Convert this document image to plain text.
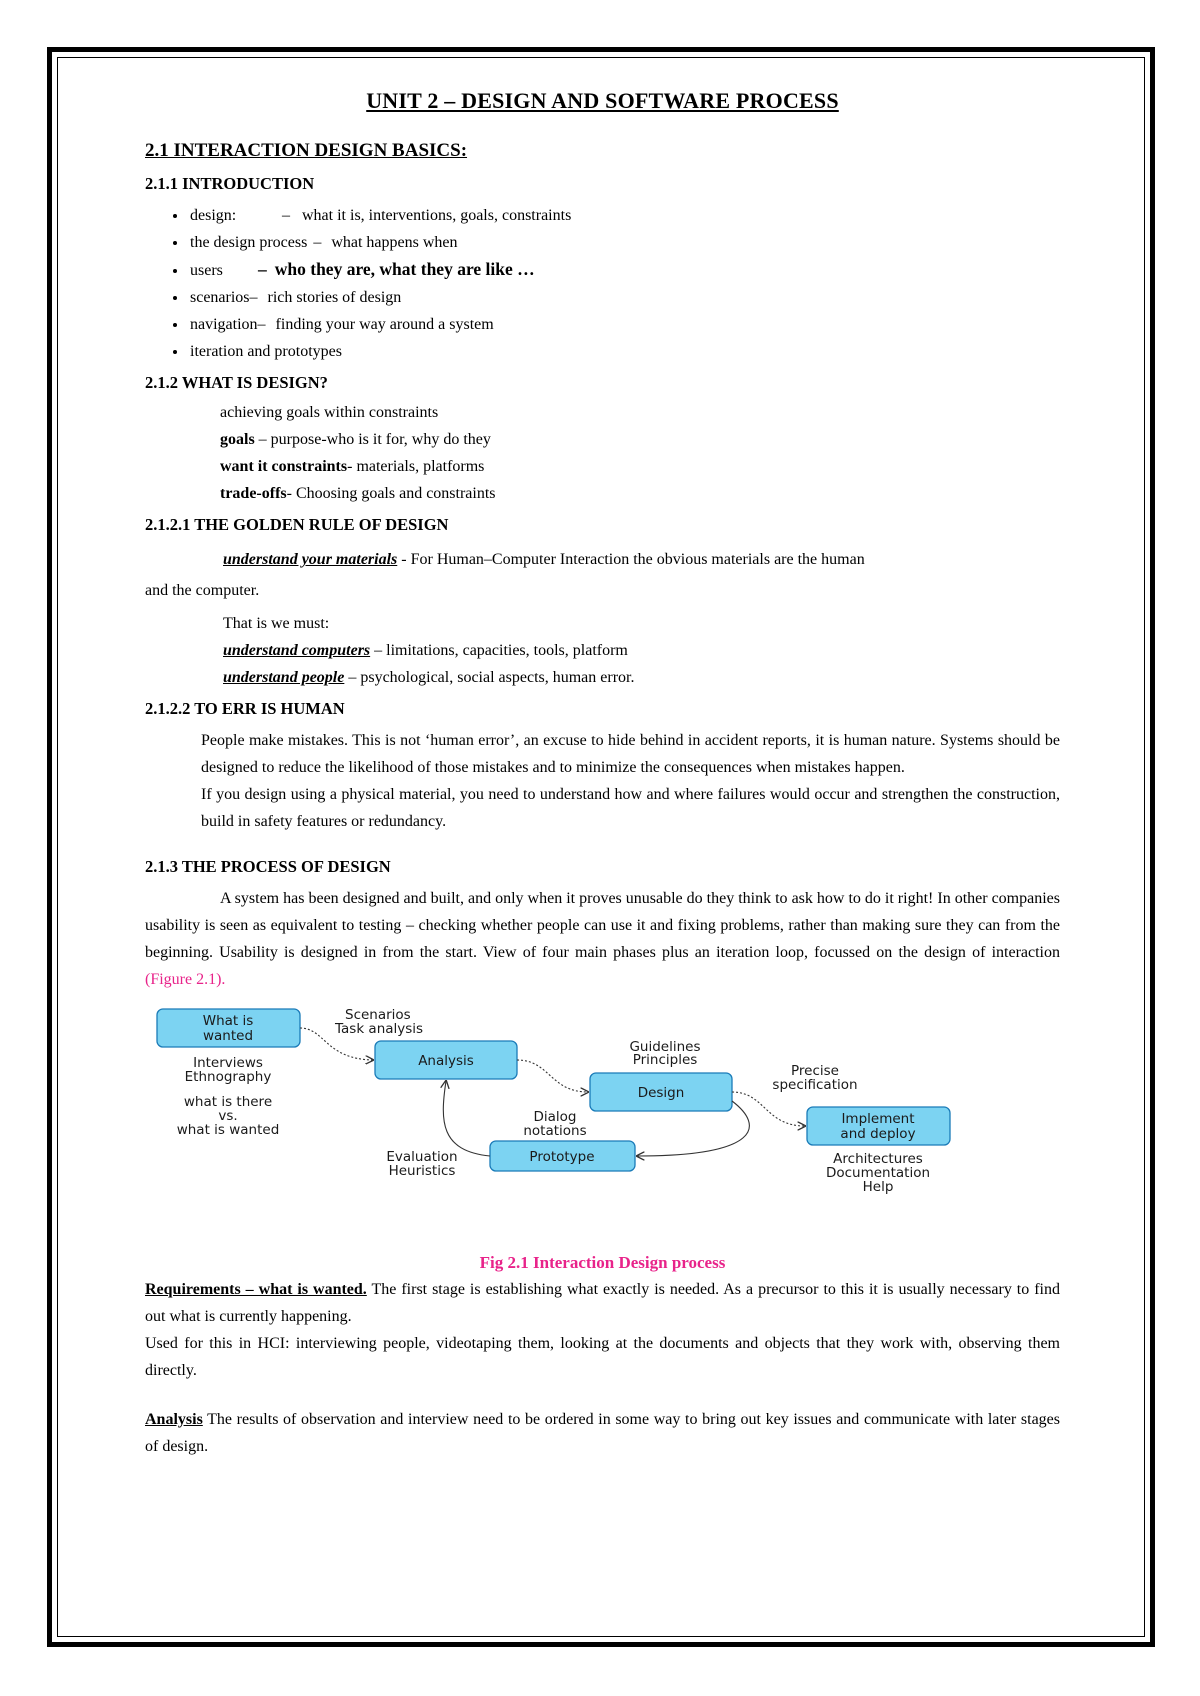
UNIT 2 – DESIGN AND SOFTWARE PROCESS
2.1 INTERACTION DESIGN BASICS:
2.1.1 INTRODUCTION
• design:	– what it is, interventions, goals, constraints
• the design process – what happens when
• users – who they are, what they are like …
• scenarios– rich stories of design
• navigation– finding your way around a system
• iteration and prototypes
2.1.2 WHAT IS DESIGN?

achieving goals within constraints

goals – purpose-who is it for, why do they

want it constraints- materials, platforms

trade-offs- Choosing goals and constraints

2.1.2.1 THE GOLDEN RULE OF DESIGN

understand your materials - For Human–Computer Interaction the obvious materials are the human

and the computer.

That is we must:

understand computers – limitations, capacities, tools, platform

understand people – psychological, social aspects, human error.

2.1.2.2 TO ERR IS HUMAN

People make mistakes. This is not ‘human error’, an excuse to hide behind in accident reports, it is human nature. Systems should be designed to reduce the likelihood of those mistakes and to minimize the consequences when mistakes happen.

If you design using a physical material, you need to understand how and where failures would occur and strengthen the construction, build in safety features or redundancy.

2.1.3 THE PROCESS OF DESIGN

A system has been designed and built, and only when it proves unusable do they think to ask how to do it right! In other companies usability is seen as equivalent to testing – checking whether people can use it and fixing problems, rather than making sure they can from the beginning. Usability is designed in from the start. View of four main phases plus an iteration loop, focussed on the design of interaction (Figure 2.1).

What is
wanted
Analysis
Design
Implement
and deploy
Prototype
Scenarios
Task analysis
Interviews
Ethnography
what is there
vs.
what is wanted
Guidelines
Principles
Precise
specification
Dialog
notations
Evaluation
Heuristics
Architectures
Documentation
Help

Fig 2.1 Interaction Design process

Requirements – what is wanted. The first stage is establishing what exactly is needed. As a precursor to this it is usually necessary to find out what is currently happening.

Used for this in HCI: interviewing people, videotaping them, looking at the documents and objects that they work with, observing them directly.

Analysis The results of observation and interview need to be ordered in some way to bring out key issues and communicate with later stages of design.
